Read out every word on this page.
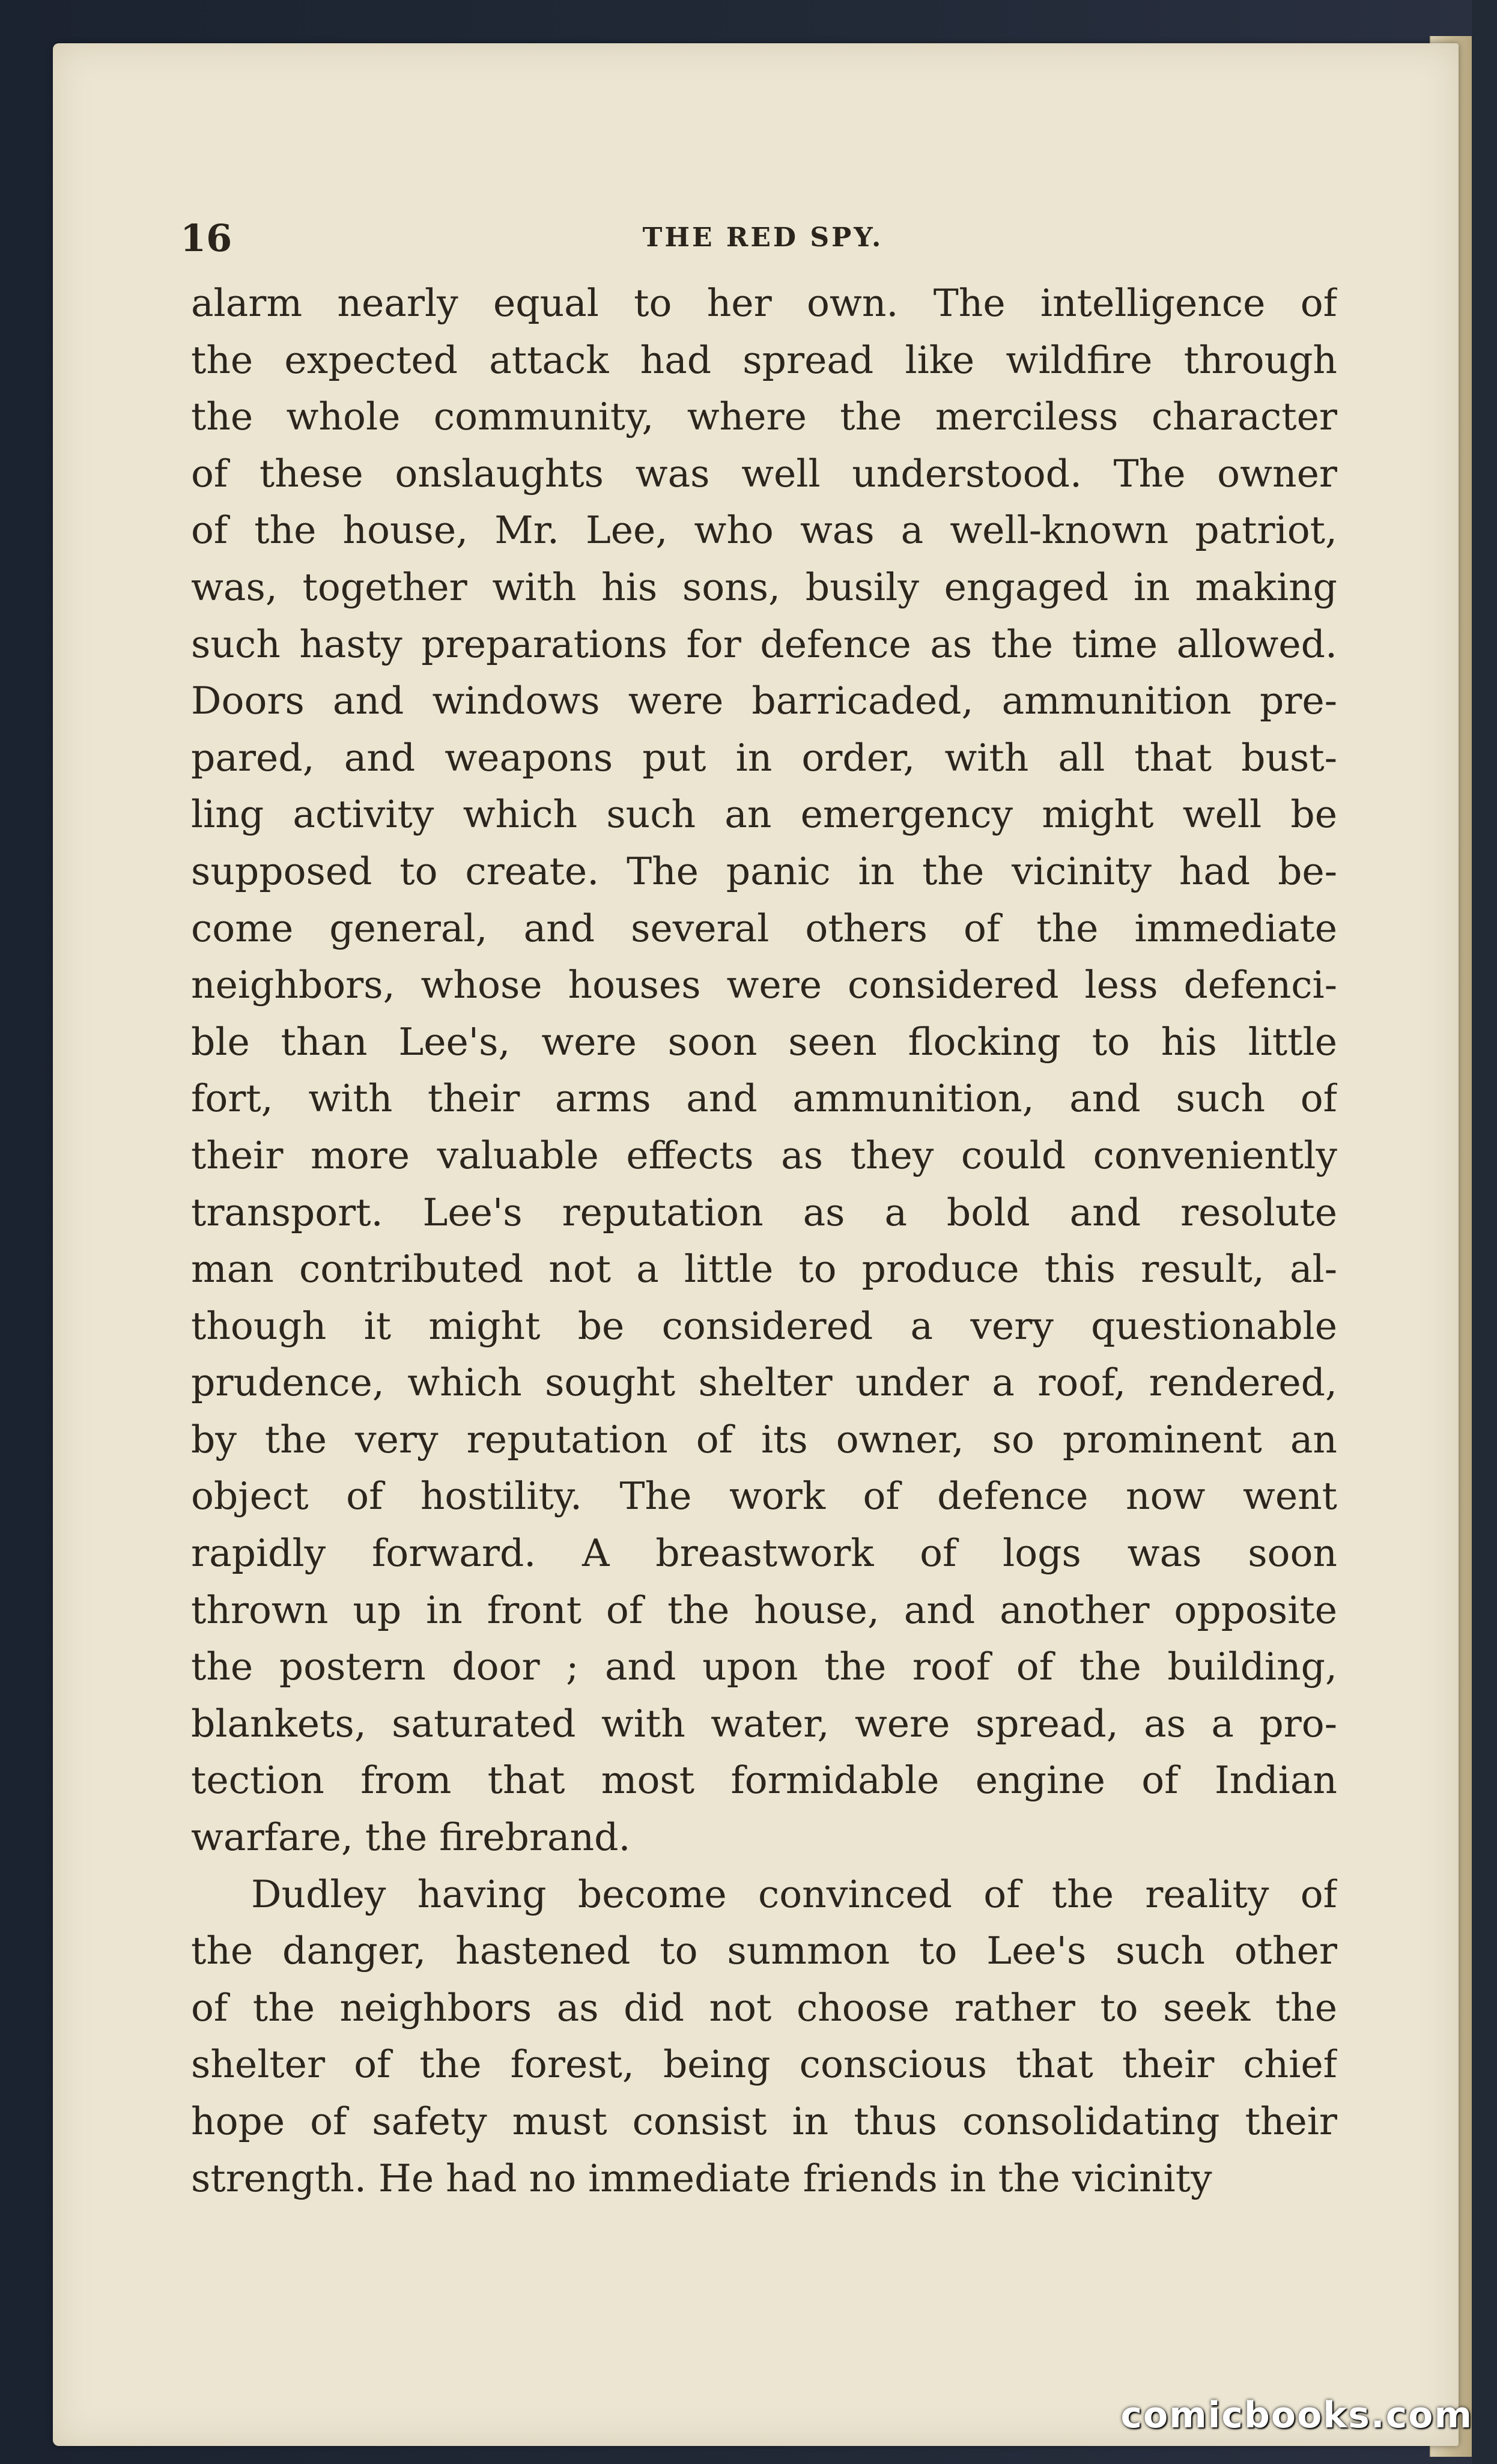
16	THE RED SPY.
alarm nearly equal to her own. The intelligence of
the expected attack had spread like wildfire through
the whole community, where the merciless character
of these onslaughts was well understood. The owner
of the house, Mr. Lee, who was a well-known patriot,
was, together with his sons, busily engaged in making
such hasty preparations for defence as the time allowed.
Doors and windows were barricaded, ammunition pre-
pared, and weapons put in order, with all that bust-
ling activity which such an emergency might well be
supposed to create. The panic in the vicinity had be-
come general, and several others of the immediate
neighbors, whose houses were considered less defenci-
ble than Lee's, were soon seen flocking to his little
fort, with their arms and ammunition, and such of
their more valuable effects as they could conveniently
transport. Lee's reputation as a bold and resolute
man contributed not a little to produce this result, al-
though it might be considered a very questionable
prudence, which sought shelter under a roof, rendered,
by the very reputation of its owner, so prominent an
object of hostility. The work of defence now went
rapidly forward. A breastwork of logs was soon
thrown up in front of the house, and another opposite
the postern door ; and upon the roof of the building,
blankets, saturated with water, were spread, as a pro-
tection from that most formidable engine of Indian
warfare, the firebrand.
Dudley having become convinced of the reality of
the danger, hastened to summon to Lee's such other
of the neighbors as did not choose rather to seek the
shelter of the forest, being conscious that their chief
hope of safety must consist in thus consolidating their
strength. He had no immediate friends in the vicinity
comicbooks.com
